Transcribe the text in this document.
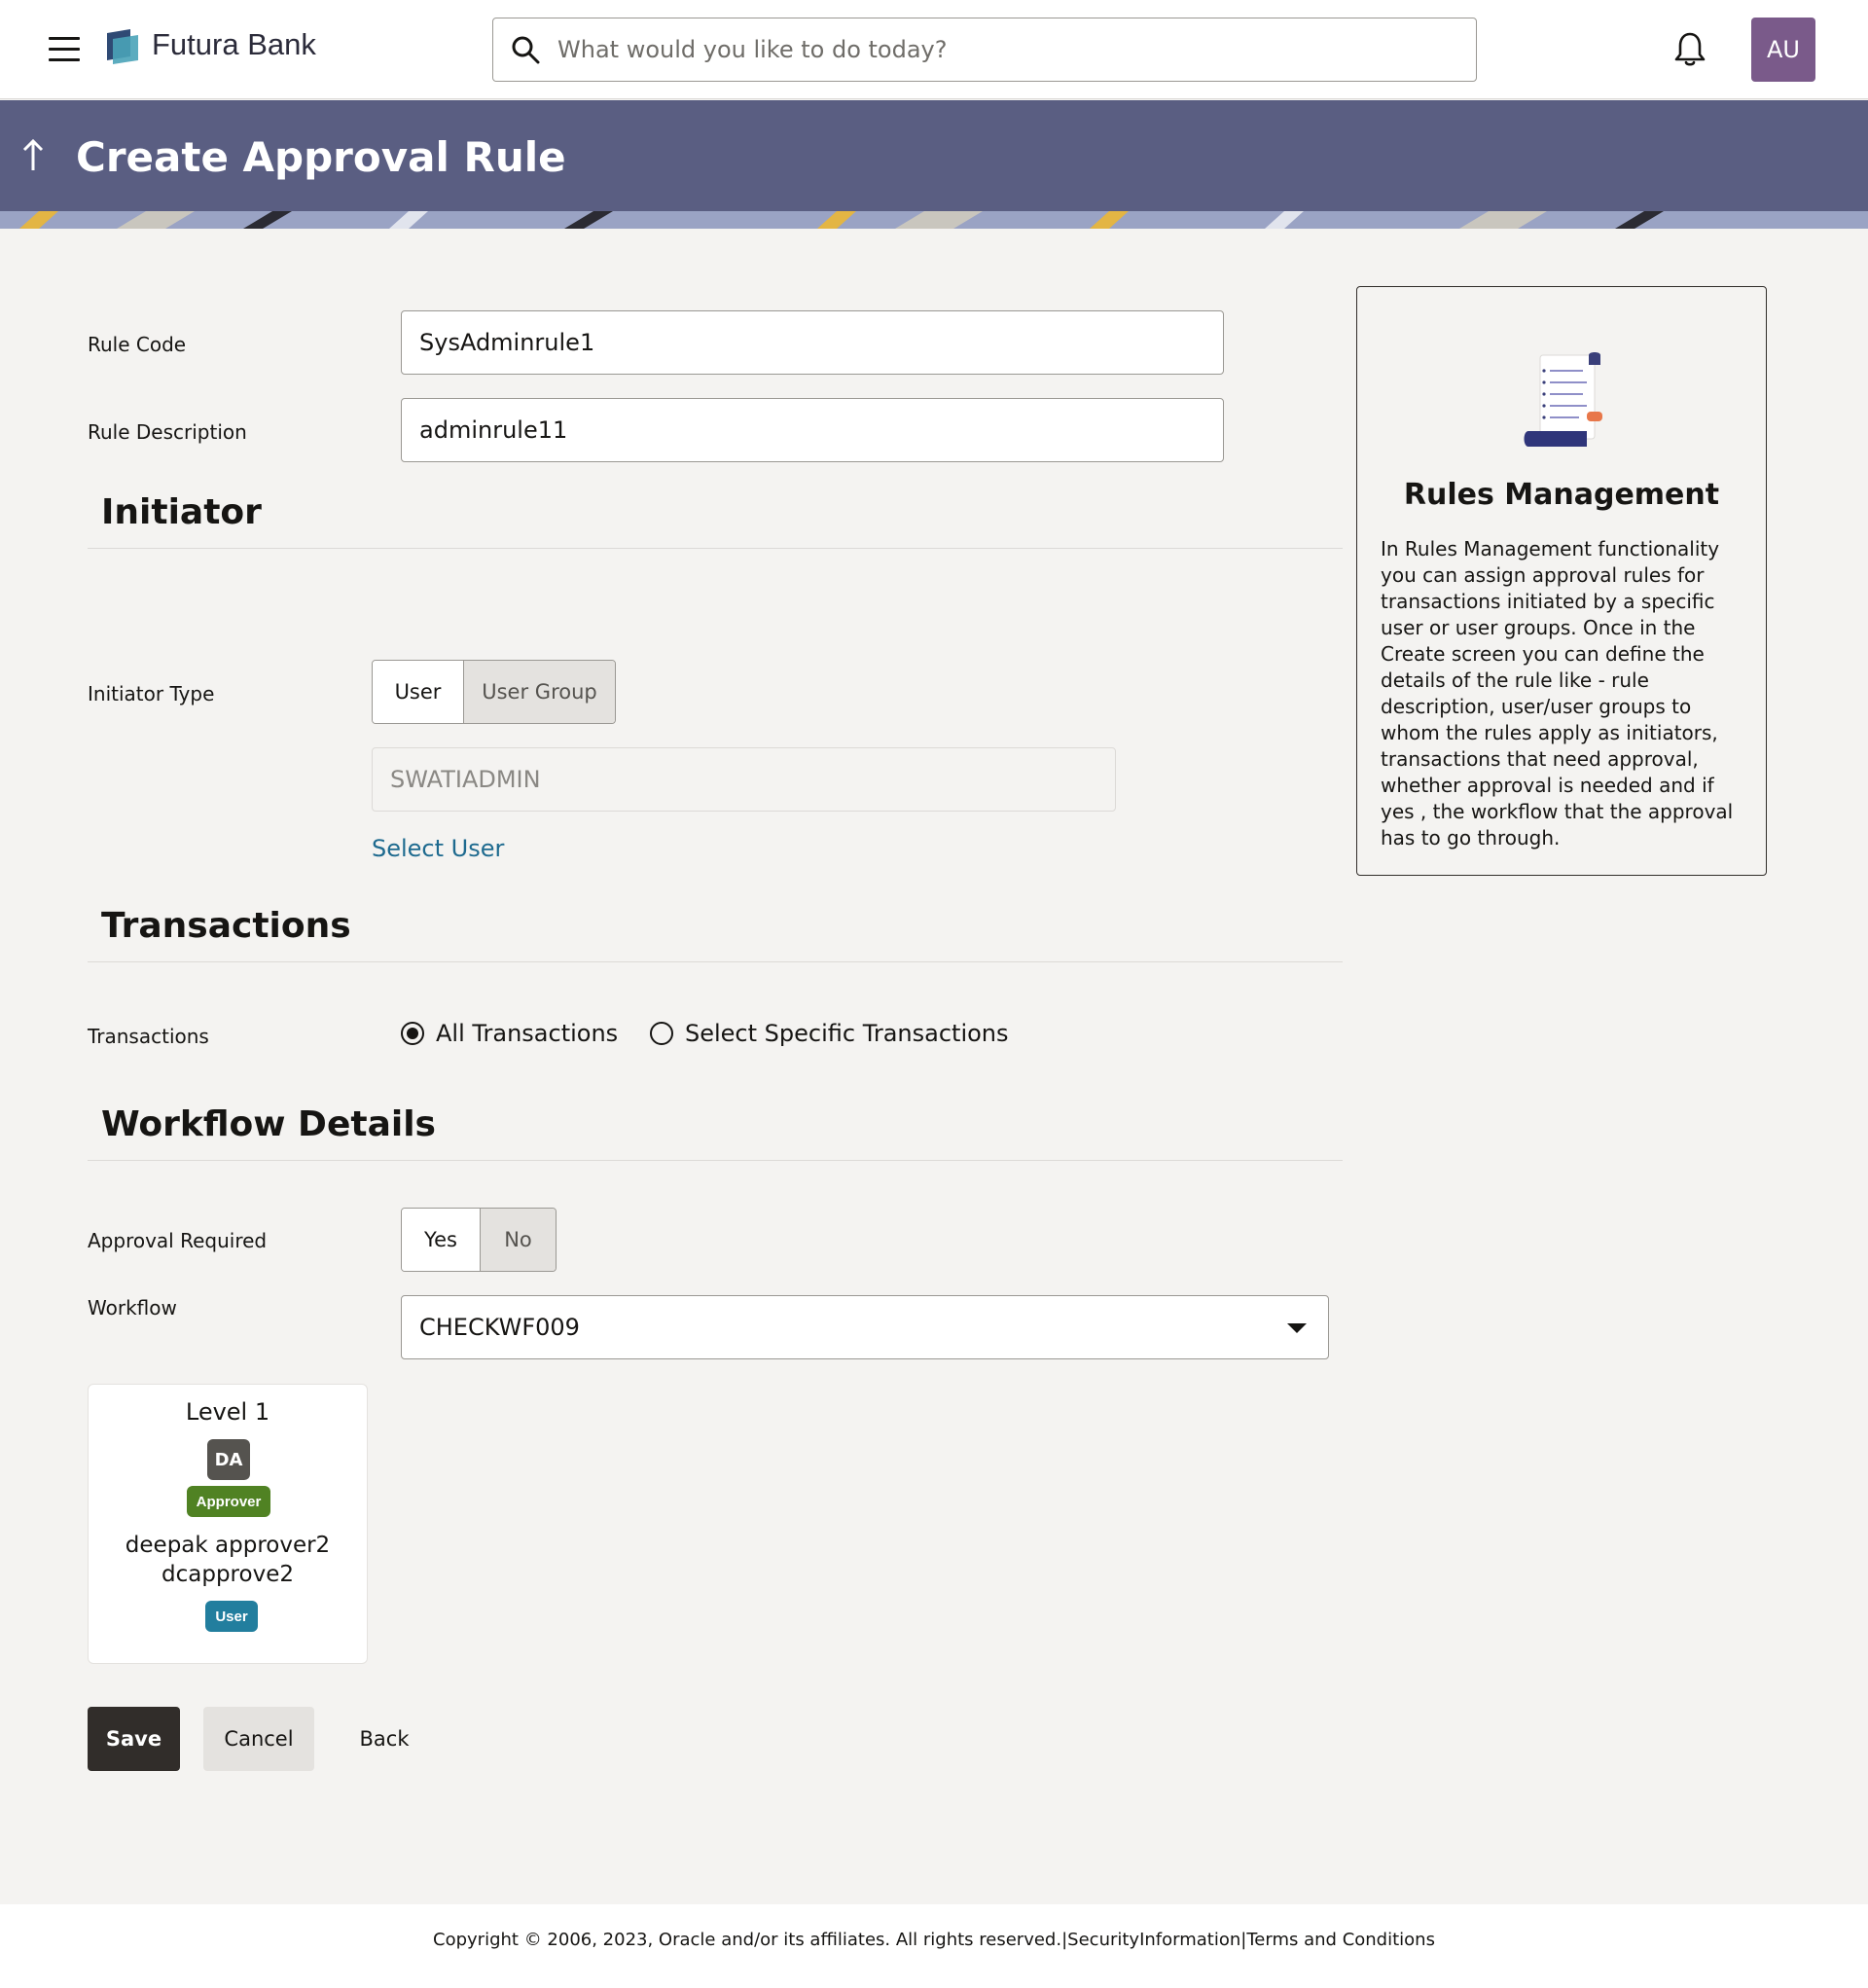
Futura Bank
What would you like to do today?	AU
Create Approval Rule
Rule Code	SysAdminrule1
Rule Description	adminrule11
Initiator
Initiator Type	User	User Group
SWATIADMIN
Select User
Transactions
Transactions	All Transactions	Select Specific Transactions
Workflow Details
Approval Required	Yes	No
Workflow
CHECKWF009
Level 1
DA
Approver
deepak approver2
dcapprove2
User
Save	Cancel	Back
Rules Management
In Rules Management functionality you can assign approval rules for transactions initiated by a specific user or user groups. Once in the Create screen you can define the details of the rule like - rule description, user/user groups to whom the rules apply as initiators, transactions that need approval, whether approval is needed and if yes , the workflow that the approval has to go through.
Copyright © 2006, 2023, Oracle and/or its affiliates. All rights reserved. | SecurityInformation | Terms and Conditions
